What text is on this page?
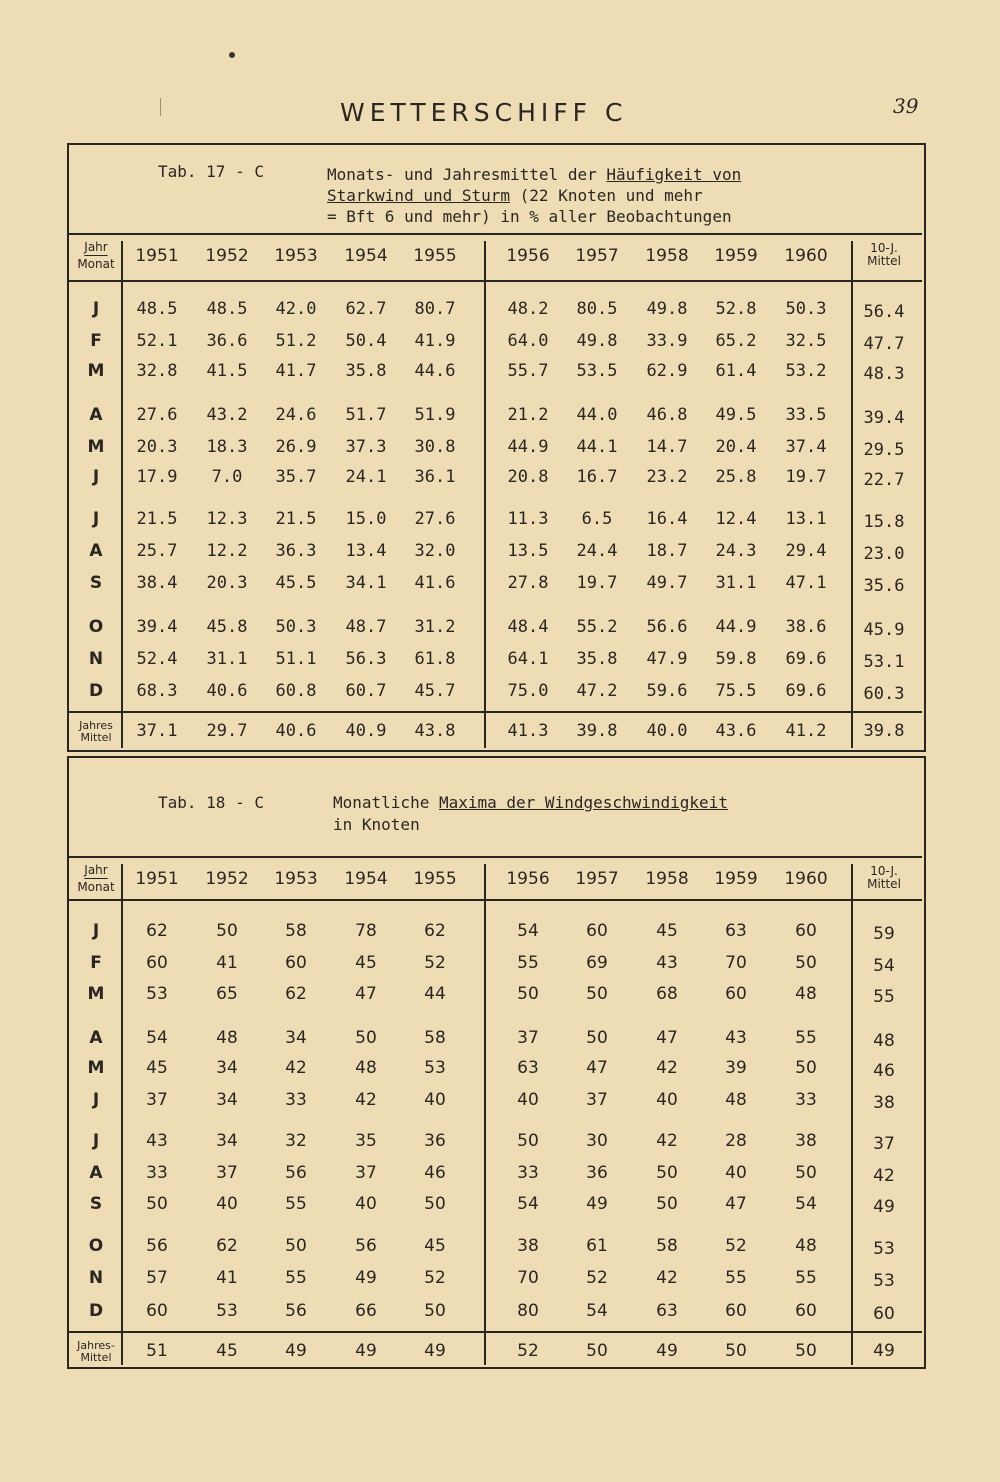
WETTERSCHIFF C	39
Tab. 17 - C	Monats- und Jahresmittel der Häufigkeit von
Starkwind und Sturm (22 Knoten und mehr
= Bft 6 und mehr) in % aller Beobachtungen
Tab. 18 - C	Monatliche Maxima der Windgeschwindigkeit
in Knoten
Jahr
Monat 1951 1952 1953 1954 1955	1956 1957 1958 1959 1960	10-J.
Mittel
J 48.5 48.5 42.0 62.7 80.7	48.2 80.5 49.8 52.8 50.3 56.4
F 52.1 36.6 51.2 50.4 41.9	64.0 49.8 33.9 65.2 32.5 47.7
M 32.8 41.5 41.7 35.8 44.6	55.7 53.5 62.9 61.4 53.2 48.3
A 27.6 43.2 24.6 51.7 51.9	21.2 44.0 46.8 49.5 33.5 39.4
M 20.3 18.3 26.9 37.3 30.8	44.9 44.1 14.7 20.4 37.4 29.5
J 17.9 7.0 35.7 24.1 36.1	20.8 16.7 23.2 25.8 19.7 22.7
J 21.5 12.3 21.5 15.0 27.6	11.3 6.5 16.4 12.4 13.1 15.8
A 25.7 12.2 36.3 13.4 32.0	13.5 24.4 18.7 24.3 29.4 23.0
S 38.4 20.3 45.5 34.1 41.6	27.8 19.7 49.7 31.1 47.1 35.6
O 39.4 45.8 50.3 48.7 31.2	48.4 55.2 56.6 44.9 38.6 45.9
N 52.4 31.1 51.1 56.3 61.8	64.1 35.8 47.9 59.8 69.6 53.1
D 68.3 40.6 60.8 60.7 45.7	75.0 47.2 59.6 75.5 69.6 60.3
Jahres
Mittel 37.1 29.7 40.6 40.9 43.8	41.3 39.8 40.0 43.6 41.2 39.8
Jahr
Monat 1951 1952 1953 1954 1955	1956 1957 1958 1959 1960	10-J.
Mittel
J	62	50	58	78	62	54	60	45	63	60	59
F	60	41	60	45	52	55	69	43	70	50	54
M 53	65	62	47	44	50	50	68	60	48	55
A	54	48	34	50	58	37	50	47	43	55	48
M 45	34	42	48	53	63	47	42	39	50	46
J	37	34	33	42	40	40	37	40	48	33	38
J	43	34	32	35	36	50	30	42	28	38	37
A	33	37	56	37	46	33	36	50	40	50	42
S	50	40	55	40	50	54	49	50	47	54	49
O	56	62	50	56	45	38	61	58	52	48	53
N	57	41	55	49	52	70	52	42	55	55	53
D	60	53	56	66	50	80	54	63	60	60	60
Jahres-
Mittel 51	45	49	49	49	52	50	49	50	50	49
